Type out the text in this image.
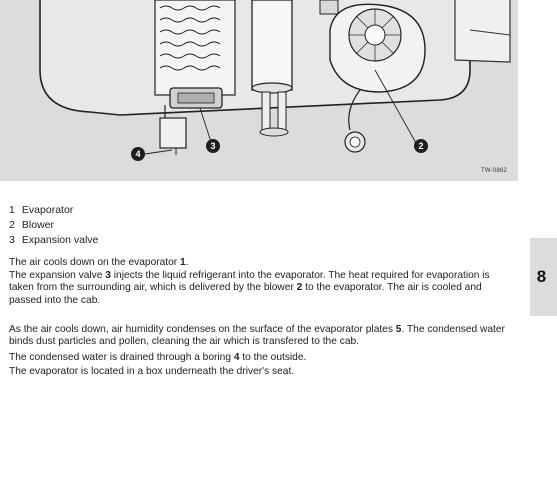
4
3	2
TW-0862
1 Evaporator
2 Blower
3 Expansion valve

The air cools down on the evaporator 1.

The expansion valve 3 injects the liquid refrigerant into the evaporator. The heat required for evaporation is taken from the surrounding air, which is delivered by the blower 2 to the evaporator. The air is cooled and passed into the cab.

As the air cools down, air humidity condenses on the surface of the evaporator plates 5. The condensed water binds dust particles and pollen, cleaning the air which is transfered to the cab.

The condensed water is drained through a boring 4 to the outside.

The evaporator is located in a box underneath the driver's seat.

8
